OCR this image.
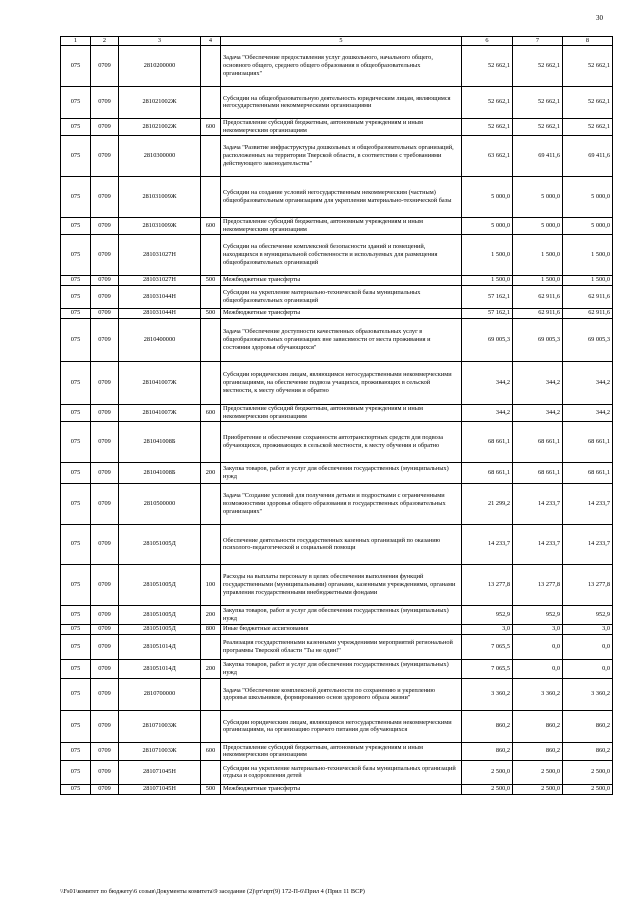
30
1	2	3	4	5	6	7	8
075	0709	2810200000		Задача "Обеспечение предоставления услуг дошкольного, начального общего, основного общего, среднего общего образования в общеобразовательных организациях"	52 662,1	52 662,1	52 662,1
075	0709	281021002Ж		Субсидии на общеобразовательную деятельность юридическим лицам, являющимся негосударственными некоммерческими организациями	52 662,1	52 662,1	52 662,1
075	0709	281021002Ж	600	Предоставление субсидий бюджетным, автономным учреждениям и иным некоммерческим организациям	52 662,1	52 662,1	52 662,1
075	0709	2810300000		Задача "Развитие инфраструктуры дошкольных и общеобразовательных организаций, расположенных на территории Тверской области, в соответствии с требованиями действующего законодательства"	63 662,1	69 411,6	69 411,6
075	0709	281031009Ж		Субсидии на создание условий негосударственным некоммерческим (частным) общеобразовательным организациям для укрепления материально-технической базы	5 000,0	5 000,0	5 000,0
075	0709	281031009Ж	600	Предоставление субсидий бюджетным, автономным учреждениям и иным некоммерческим организациям	5 000,0	5 000,0	5 000,0
075	0709	281031027Н		Субсидии на обеспечение комплексной безопасности зданий и помещений, находящихся в муниципальной собственности и используемых для размещения общеобразовательных организаций	1 500,0	1 500,0	1 500,0
075	0709	281031027Н	500	Межбюджетные трансферты	1 500,0	1 500,0	1 500,0
075	0709	281031044Н		Субсидии на укрепление материально-технической базы муниципальных общеобразовательных организаций	57 162,1	62 911,6	62 911,6
075	0709	281031044Н	500	Межбюджетные трансферты	57 162,1	62 911,6	62 911,6
075	0709	2810400000		Задача "Обеспечение доступности качественных образовательных услуг в общеобразовательных организациях вне зависимости от места проживания и состояния здоровья обучающихся"	69 005,3	69 005,3	69 005,3
075	0709	281041007Ж		Субсидии юридическим лицам, являющимся негосударственными некоммерческими организациями, на обеспечение подвоза учащихся, проживающих в сельской местности, к месту обучения и обратно	344,2	344,2	344,2
075	0709	281041007Ж	600	Предоставление субсидий бюджетным, автономным учреждениям и иным некоммерческим организациям	344,2	344,2	344,2
075	0709	281041008Б		Приобретение и обеспечение сохранности автотранспортных средств для подвоза обучающихся, проживающих в сельской местности, к месту обучения и обратно	68 661,1	68 661,1	68 661,1
075	0709	281041008Б	200	Закупка товаров, работ и услуг для обеспечения государственных (муниципальных) нужд	68 661,1	68 661,1	68 661,1
075	0709	2810500000		Задача "Создание условий для получения детьми и подростками с ограниченными возможностями здоровья общего образования в государственных образовательных организациях"	21 299,2	14 233,7	14 233,7
075	0709	281051005Д		Обеспечение деятельности государственных казенных организаций по оказанию психолого-педагогической и социальной помощи	14 233,7	14 233,7	14 233,7
075	0709	281051005Д	100	Расходы на выплаты персоналу в целях обеспечения выполнения функций государственными (муниципальными) органами, казенными учреждениями, органами управления государственными внебюджетными фондами	13 277,8	13 277,8	13 277,8
075	0709	281051005Д	200	Закупка товаров, работ и услуг для обеспечения государственных (муниципальных) нужд	952,9	952,9	952,9
075	0709	281051005Д	800	Иные бюджетные ассигнования	3,0	3,0	3,0
075	0709	281051014Д		Реализация государственными казенными учреждениями мероприятий региональной программы Тверской области "Ты не один!"	7 065,5	0,0	0,0
075	0709	281051014Д	200	Закупка товаров, работ и услуг для обеспечения государственных (муниципальных) нужд	7 065,5	0,0	0,0
075	0709	2810700000		Задача "Обеспечение комплексной деятельности по сохранению и укреплению здоровья школьников, формированию основ здорового образа жизни"	3 360,2	3 360,2	3 360,2
075	0709	281071003Ж		Субсидии юридическим лицам, являющимся негосударственными некоммерческими организациями, на организацию горячего питания для обучающихся	860,2	860,2	860,2
075	0709	281071003Ж	600	Предоставление субсидий бюджетным, автономным учреждениям и иным некоммерческим организациям	860,2	860,2	860,2
075	0709	281071045Н		Субсидии на укрепление материально-технической базы муниципальных организаций отдыха и оздоровления детей	2 500,0	2 500,0	2 500,0
075	0709	281071045Н	500	Межбюджетные трансферты	2 500,0	2 500,0	2 500,0
\\Fs01\комитет по бюджету\6 созыв\Документы комитета\9 заседание (2)\рт\прт(9) 172-П-6\Прил 4 (Прил 11 ВСР)
